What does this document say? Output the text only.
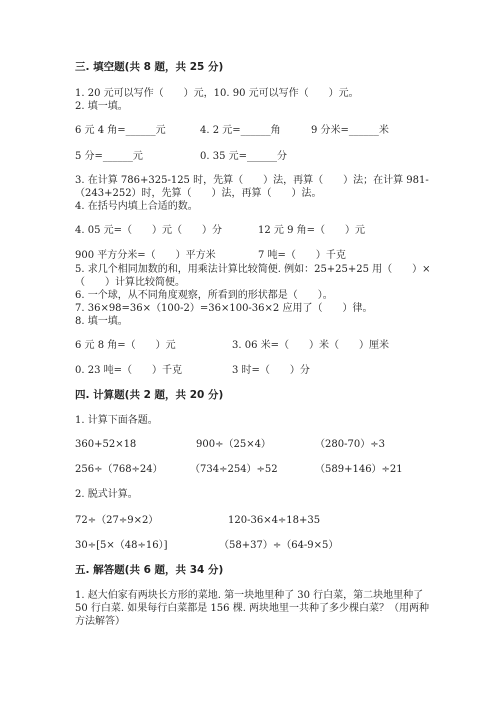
三. 填空题(共 8 题，共 25 分)
1. 20 元可以写作（　　）元，10. 90 元可以写作（　　）元。
2. 填一填。
6 元 4 角=______元	4. 2 元=______角	9 分米=______米
5 分=______元	0. 35 元=______分
3. 在计算 786+325-125 时，先算（　　）法，再算（　　）法；在计算 981-
（243+252）时，先算（　　）法，再算（　　）法。
4. 在括号内填上合适的数。
4. 05 元=（　　）元（　　）分	12 元 9 角=（　　）元
900 平方分米=（　　）平方米	7 吨=（　　）千克
5. 求几个相同加数的和，用乘法计算比较简便. 例如：25+25+25 用（　　）×
（　　）计算比较简便。
6. 一个球，从不同角度观察，所看到的形状都是（　　）。
7. 36×98=36×（100-2）=36×100-36×2 应用了（　　）律。
8. 填一填。
6 元 8 角=（　　）元	3. 06 米=（　　）米（　　）厘米
0. 23 吨=（　　）千克	3 时=（　　）分
四. 计算题(共 2 题，共 20 分)
1. 计算下面各题。
360+52×18	900÷（25×4）	（280-70）÷3
256÷（768÷24）	（734÷254）÷52	（589+146）÷21
2. 脱式计算。
72÷（27÷9×2）	120-36×4÷18+35
30÷[5×（48÷16）]	（58+37）÷（64-9×5）
五. 解答题(共 6 题，共 34 分)
1. 赵大伯家有两块长方形的菜地. 第一块地里种了 30 行白菜，第二块地里种了
50 行白菜. 如果每行白菜都是 156 棵. 两块地里一共种了多少棵白菜？（用两种
方法解答）
